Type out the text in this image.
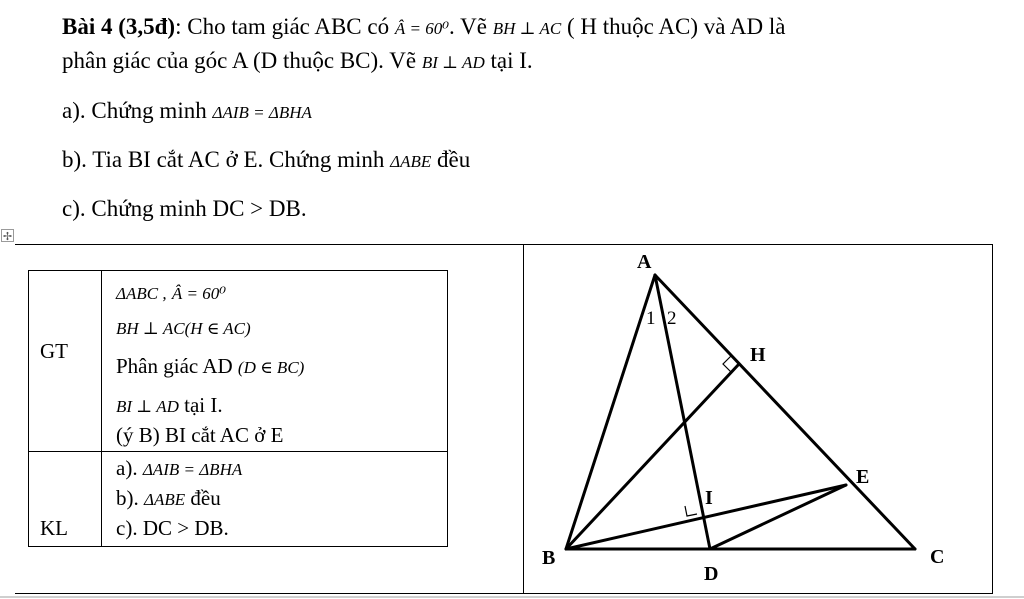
✢
Bài 4 (3,5đ): Cho tam giác ABC có Â = 60⁰. Vẽ BH ⊥ AC ( H thuộc AC) và AD là
phân giác của góc A (D thuộc BC). Vẽ BI ⊥ AD tại I.
a). Chứng minh ΔAIB = ΔBHA
b). Tia BI cắt AC ở E. Chứng minh ΔABE đều
c). Chứng minh DC > DB.
GT	ΔABC , Â = 60⁰
BH ⊥ AC(H ∈ AC)
Phân giác AD (D ∈ BC)
BI ⊥ AD tại I.
(ý B) BI cắt AC ở E

KL	a). ΔAIB = ΔBHA
b). ΔABE đều
c). DC > DB.
A
H
E
I
B	C
D
1 2
